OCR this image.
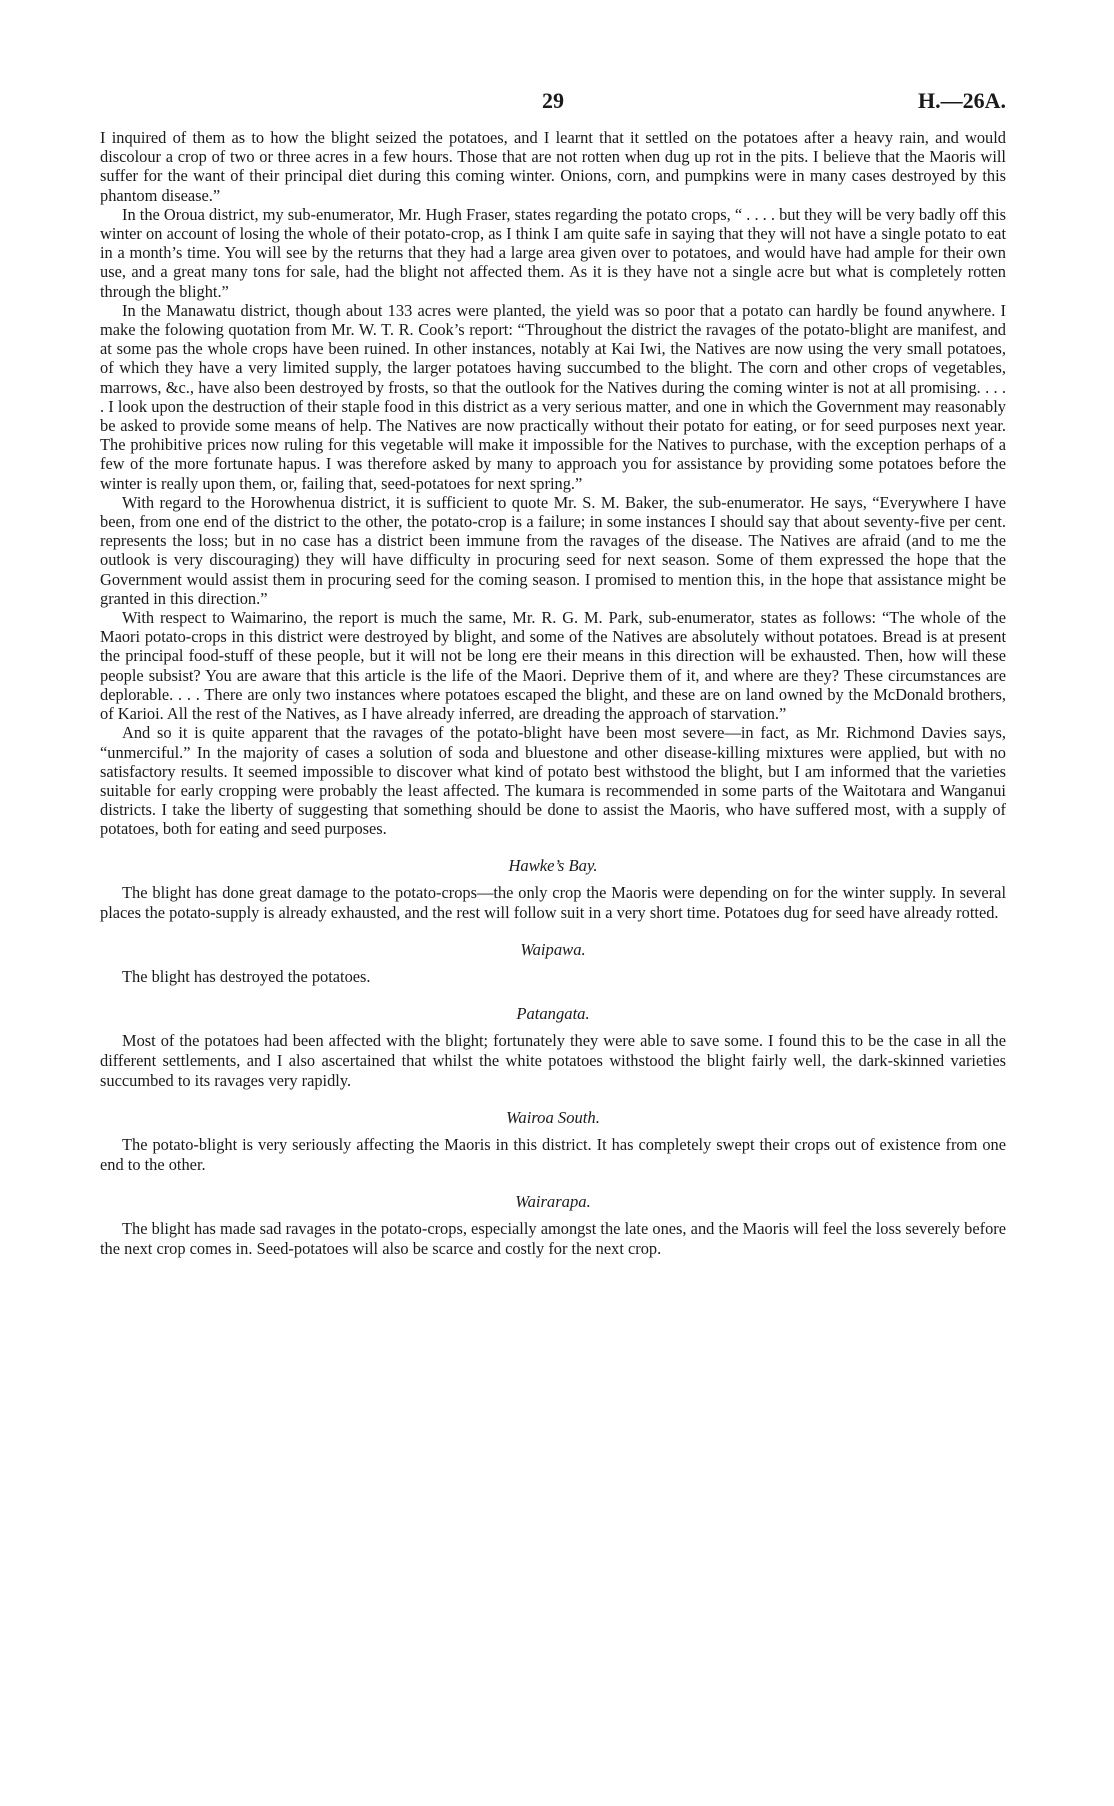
29	H.—26A.

I inquired of them as to how the blight seized the potatoes, and I learnt that it settled on the potatoes after a heavy rain, and would discolour a crop of two or three acres in a few hours. Those that are not rotten when dug up rot in the pits. I believe that the Maoris will suffer for the want of their principal diet during this coming winter. Onions, corn, and pumpkins were in many cases destroyed by this phantom disease.”

In the Oroua district, my sub-enumerator, Mr. Hugh Fraser, states regarding the potato crops, “ . . . . but they will be very badly off this winter on account of losing the whole of their potato-crop, as I think I am quite safe in saying that they will not have a single potato to eat in a month’s time. You will see by the returns that they had a large area given over to potatoes, and would have had ample for their own use, and a great many tons for sale, had the blight not affected them. As it is they have not a single acre but what is completely rotten through the blight.”

In the Manawatu district, though about 133 acres were planted, the yield was so poor that a potato can hardly be found anywhere. I make the folowing quotation from Mr. W. T. R. Cook’s report: “Throughout the district the ravages of the potato-blight are manifest, and at some pas the whole crops have been ruined. In other instances, notably at Kai Iwi, the Natives are now using the very small potatoes, of which they have a very limited supply, the larger potatoes having succumbed to the blight. The corn and other crops of vegetables, marrows, &c., have also been destroyed by frosts, so that the outlook for the Natives during the coming winter is not at all promising. . . . . I look upon the destruction of their staple food in this district as a very serious matter, and one in which the Government may reasonably be asked to provide some means of help. The Natives are now practically without their potato for eating, or for seed purposes next year. The prohibitive prices now ruling for this vegetable will make it impossible for the Natives to purchase, with the exception perhaps of a few of the more fortunate hapus. I was therefore asked by many to approach you for assistance by providing some potatoes before the winter is really upon them, or, failing that, seed-potatoes for next spring.”

With regard to the Horowhenua district, it is sufficient to quote Mr. S. M. Baker, the sub-enumerator. He says, “Everywhere I have been, from one end of the district to the other, the potato-crop is a failure; in some instances I should say that about seventy-five per cent. represents the loss; but in no case has a district been immune from the ravages of the disease. The Natives are afraid (and to me the outlook is very discouraging) they will have difficulty in procuring seed for next season. Some of them expressed the hope that the Government would assist them in procuring seed for the coming season. I promised to mention this, in the hope that assistance might be granted in this direction.”

With respect to Waimarino, the report is much the same, Mr. R. G. M. Park, sub-enumerator, states as follows: “The whole of the Maori potato-crops in this district were destroyed by blight, and some of the Natives are absolutely without potatoes. Bread is at present the principal food-stuff of these people, but it will not be long ere their means in this direction will be exhausted. Then, how will these people subsist? You are aware that this article is the life of the Maori. Deprive them of it, and where are they? These circumstances are deplorable. . . . There are only two instances where potatoes escaped the blight, and these are on land owned by the McDonald brothers, of Karioi. All the rest of the Natives, as I have already inferred, are dreading the approach of starvation.”

And so it is quite apparent that the ravages of the potato-blight have been most severe—in fact, as Mr. Richmond Davies says, “unmerciful.” In the majority of cases a solution of soda and bluestone and other disease-killing mixtures were applied, but with no satisfactory results. It seemed impossible to discover what kind of potato best withstood the blight, but I am informed that the varieties suitable for early cropping were probably the least affected. The kumara is recommended in some parts of the Waitotara and Wanganui districts. I take the liberty of suggesting that something should be done to assist the Maoris, who have suffered most, with a supply of potatoes, both for eating and seed purposes.

Hawke’s Bay.

The blight has done great damage to the potato-crops—the only crop the Maoris were depending on for the winter supply. In several places the potato-supply is already exhausted, and the rest will follow suit in a very short time. Potatoes dug for seed have already rotted.

Waipawa.

The blight has destroyed the potatoes.

Patangata.

Most of the potatoes had been affected with the blight; fortunately they were able to save some. I found this to be the case in all the different settlements, and I also ascertained that whilst the white potatoes withstood the blight fairly well, the dark-skinned varieties succumbed to its ravages very rapidly.

Wairoa South.

The potato-blight is very seriously affecting the Maoris in this district. It has completely swept their crops out of existence from one end to the other.

Wairarapa.

The blight has made sad ravages in the potato-crops, especially amongst the late ones, and the Maoris will feel the loss severely before the next crop comes in. Seed-potatoes will also be scarce and costly for the next crop.
